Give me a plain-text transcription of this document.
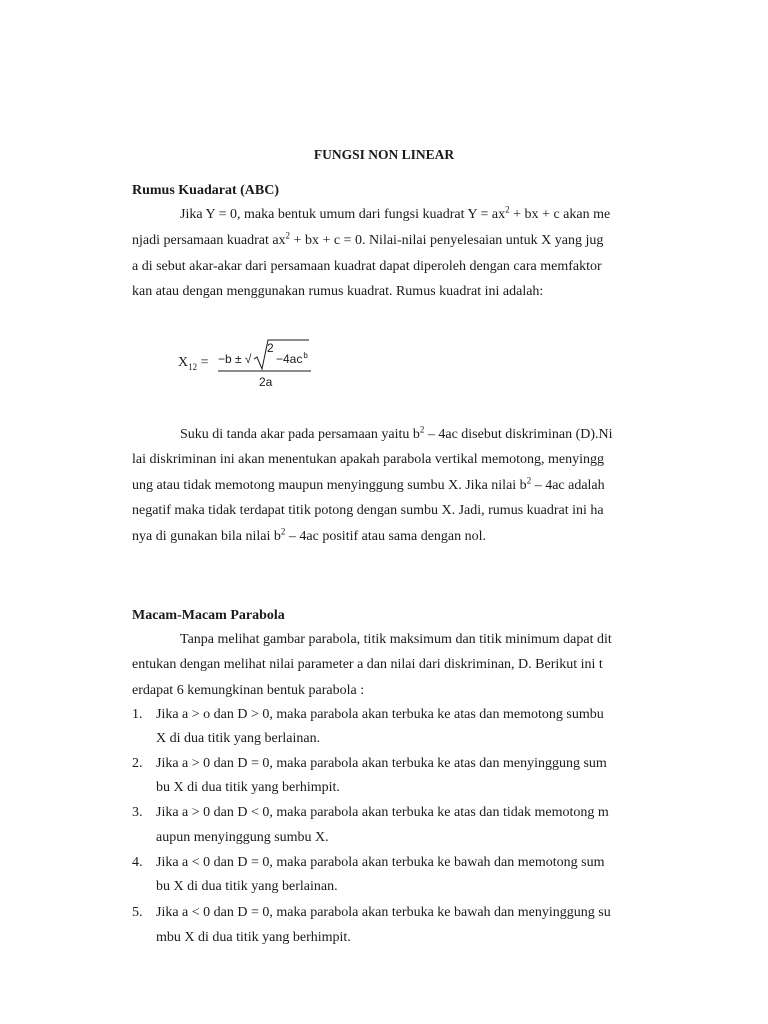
FUNGSI NON LINEAR
Rumus Kuadarat (ABC)
Jika Y = 0, maka bentuk umum dari fungsi kuadrat $Y = ax^2$ + bx + c akan me
njadi persamaan kuadrat $ax^2$ + bx + c = 0. Nilai-nilai penyelesaian untuk X yang jug
a di sebut akar-akar dari persamaan kuadrat dapat diperoleh dengan cara memfaktor
kan atau dengan menggunakan rumus kuadrat. Rumus kuadrat ini adalah:
$X_{12} = -b$ ± √
2
$-4ac^b$
2a
Suku di tanda akar pada persamaan yaitu $b^2 - 4ac$ disebut diskriminan (D).Ni
lai diskriminan ini akan menentukan apakah parabola vertikal memotong, menyingg
ung atau tidak memotong maupun menyinggung sumbu X. Jika nilai $b^2 - 4ac$ adalah
negatif maka tidak terdapat titik potong dengan sumbu X. Jadi, rumus kuadrat ini ha
nya di gunakan bila nilai $b^2 - 4ac$ positif atau sama dengan nol.
Macam-Macam Parabola
Tanpa melihat gambar parabola, titik maksimum dan titik minimum dapat dit
entukan dengan melihat nilai parameter a dan nilai dari diskriminan, D. Berikut ini t
erdapat 6 kemungkinan bentuk parabola :
1. Jika a > o dan D > 0, maka parabola akan terbuka ke atas dan memotong sumbu
X di dua titik yang berlainan.
2. Jika a > 0 dan D = 0, maka parabola akan terbuka ke atas dan menyinggung sum
bu X di dua titik yang berhimpit.
3. Jika a > 0 dan D < 0, maka parabola akan terbuka ke atas dan tidak memotong m
aupun menyinggung sumbu X.
4. Jika a < 0 dan D = 0, maka parabola akan terbuka ke bawah dan memotong sum
bu X di dua titik yang berlainan.
5. Jika a < 0 dan D = 0, maka parabola akan terbuka ke bawah dan menyinggung su
mbu X di dua titik yang berhimpit.
